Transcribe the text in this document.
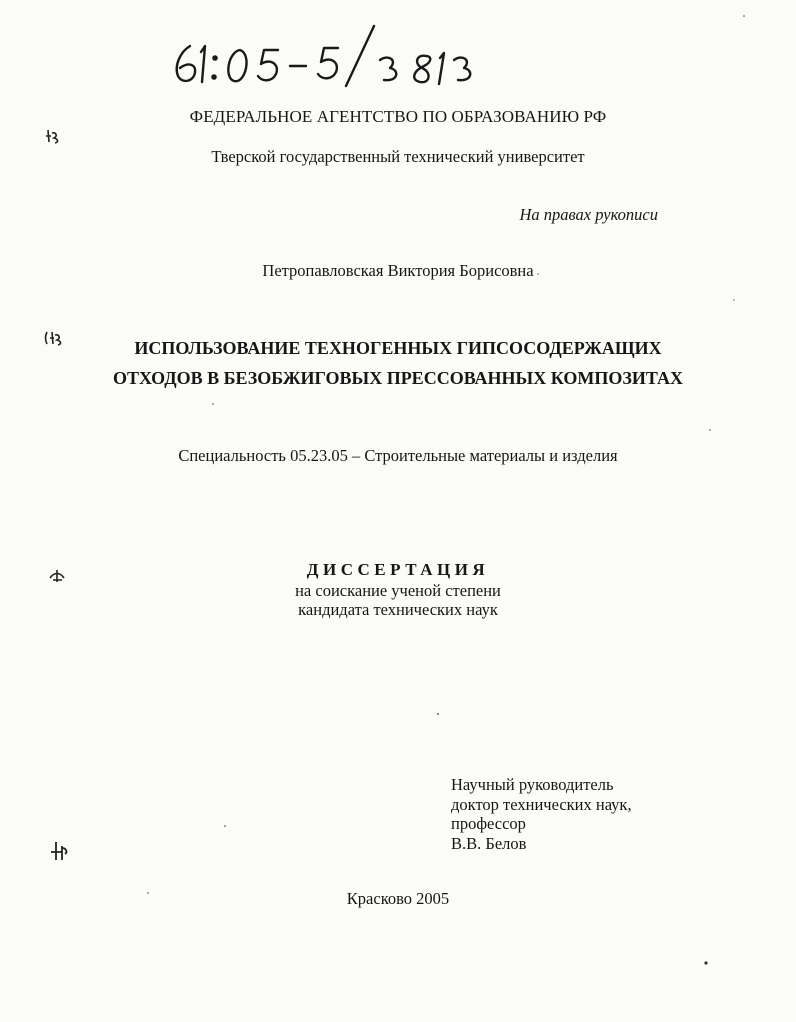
ФЕДЕРАЛЬНОЕ АГЕНТСТВО ПО ОБРАЗОВАНИЮ РФ
Тверской государственный технический университет
На правах рукописи
Петропавловская Виктория Борисовна
ИСПОЛЬЗОВАНИЕ ТЕХНОГЕННЫХ ГИПСОСОДЕРЖАЩИХ
ОТХОДОВ В БЕЗОБЖИГОВЫХ ПРЕССОВАННЫХ КОМПОЗИТАХ
Специальность 05.23.05 – Строительные материалы и изделия
ДИССЕРТАЦИЯ
на соискание ученой степени
кандидата технических наук
Научный руководитель
доктор технических наук,
профессор
В.В. Белов
Красково 2005
